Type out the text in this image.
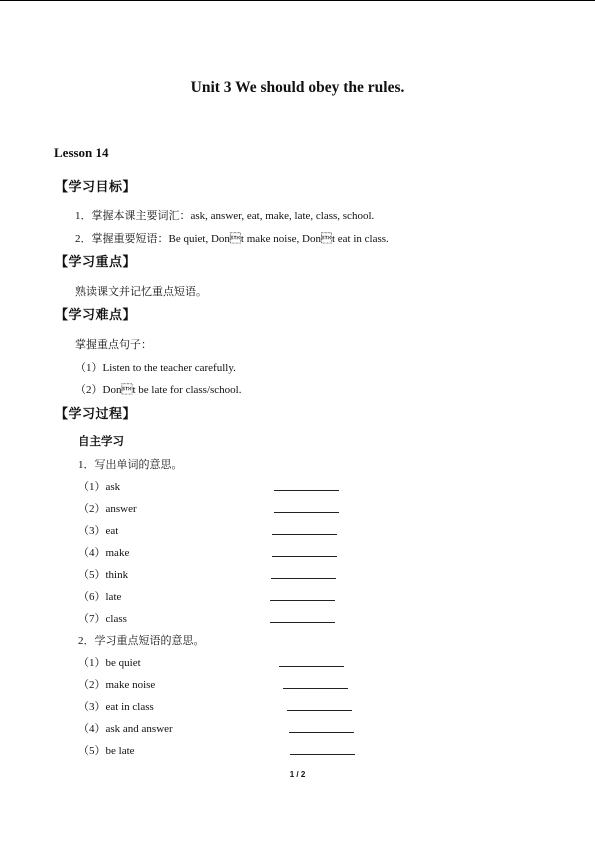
Unit 3 We should obey the rules.
Lesson 14
【学习目标】
1．掌握本课主要词汇：ask, answer, eat, make, late, class, school.
2．掌握重要短语：Be quiet, Dont make noise, Dont eat in class.
【学习重点】
熟读课文并记忆重点短语。
【学习难点】
掌握重点句子：
（1）Listen to the teacher carefully.
（2）Dont be late for class/school.
【学习过程】
自主学习
1．写出单词的意思。
（1）ask
（2）answer
（3）eat
（4）make
（5）think
（6）late
（7）class
2．学习重点短语的意思。
（1）be quiet
（2）make noise
（3）eat in class
（4）ask and answer
（5）be late
1 / 2
